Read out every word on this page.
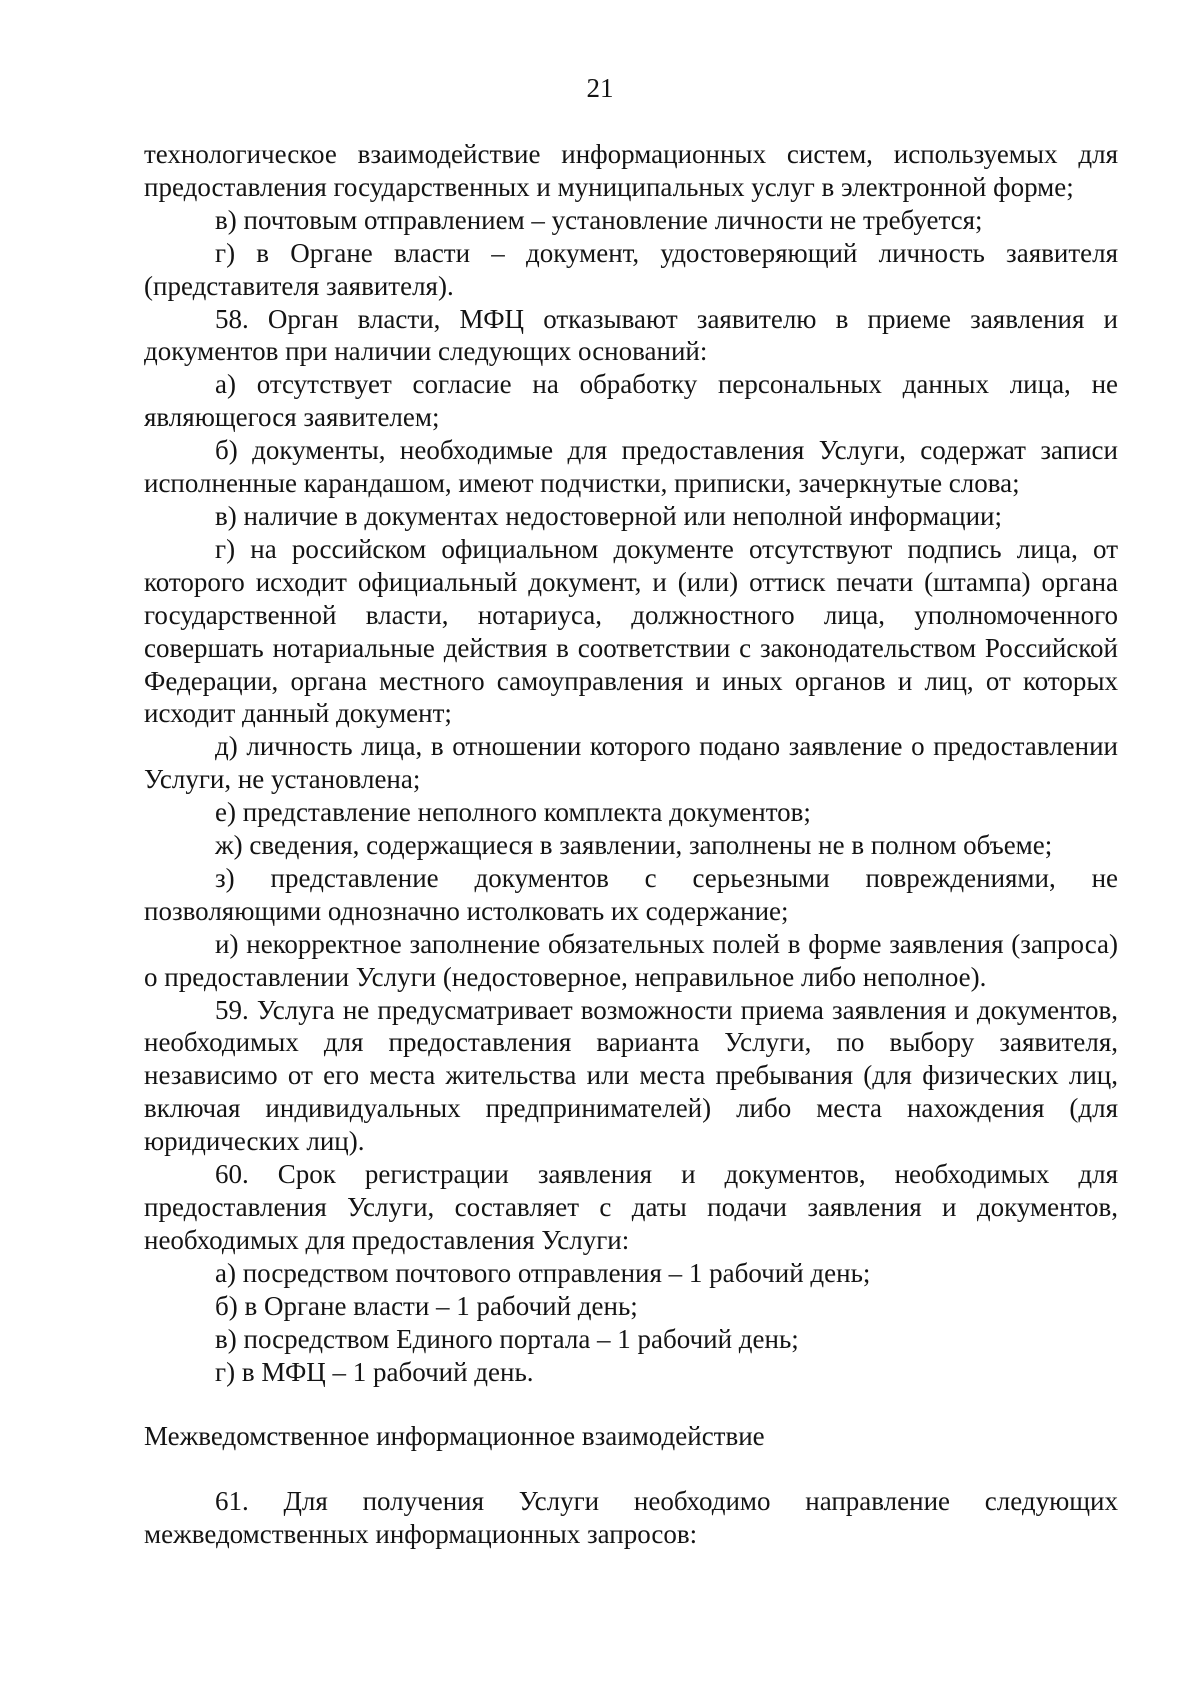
21

технологическое взаимодействие информационных систем, используемых для предоставления государственных и муниципальных услуг в электронной форме;

в) почтовым отправлением – установление личности не требуется;

г) в Органе власти – документ, удостоверяющий личность заявителя (представителя заявителя).

58. Орган власти, МФЦ отказывают заявителю в приеме заявления и документов при наличии следующих оснований:

а) отсутствует согласие на обработку персональных данных лица, не являющегося заявителем;

б) документы, необходимые для предоставления Услуги, содержат записи исполненные карандашом, имеют подчистки, приписки, зачеркнутые слова;

в) наличие в документах недостоверной или неполной информации;

г) на российском официальном документе отсутствуют подпись лица, от которого исходит официальный документ, и (или) оттиск печати (штампа) органа государственной власти, нотариуса, должностного лица, уполномоченного совершать нотариальные действия в соответствии с законодательством Российской Федерации, органа местного самоуправления и иных органов и лиц, от которых исходит данный документ;

д) личность лица, в отношении которого подано заявление о предоставлении Услуги, не установлена;

е) представление неполного комплекта документов;

ж) сведения, содержащиеся в заявлении, заполнены не в полном объеме;

з) представление документов с серьезными повреждениями, не позволяющими однозначно истолковать их содержание;

и) некорректное заполнение обязательных полей в форме заявления (запроса) о предоставлении Услуги (недостоверное, неправильное либо неполное).

59. Услуга не предусматривает возможности приема заявления и документов, необходимых для предоставления варианта Услуги, по выбору заявителя, независимо от его места жительства или места пребывания (для физических лиц, включая индивидуальных предпринимателей) либо места нахождения (для юридических лиц).

60. Срок регистрации заявления и документов, необходимых для предоставления Услуги, составляет с даты подачи заявления и документов, необходимых для предоставления Услуги:

а) посредством почтового отправления – 1 рабочий день;

б) в Органе власти – 1 рабочий день;

в) посредством Единого портала – 1 рабочий день;

г) в МФЦ – 1 рабочий день.

Межведомственное информационное взаимодействие

61. Для получения Услуги необходимо направление следующих межведомственных информационных запросов:
